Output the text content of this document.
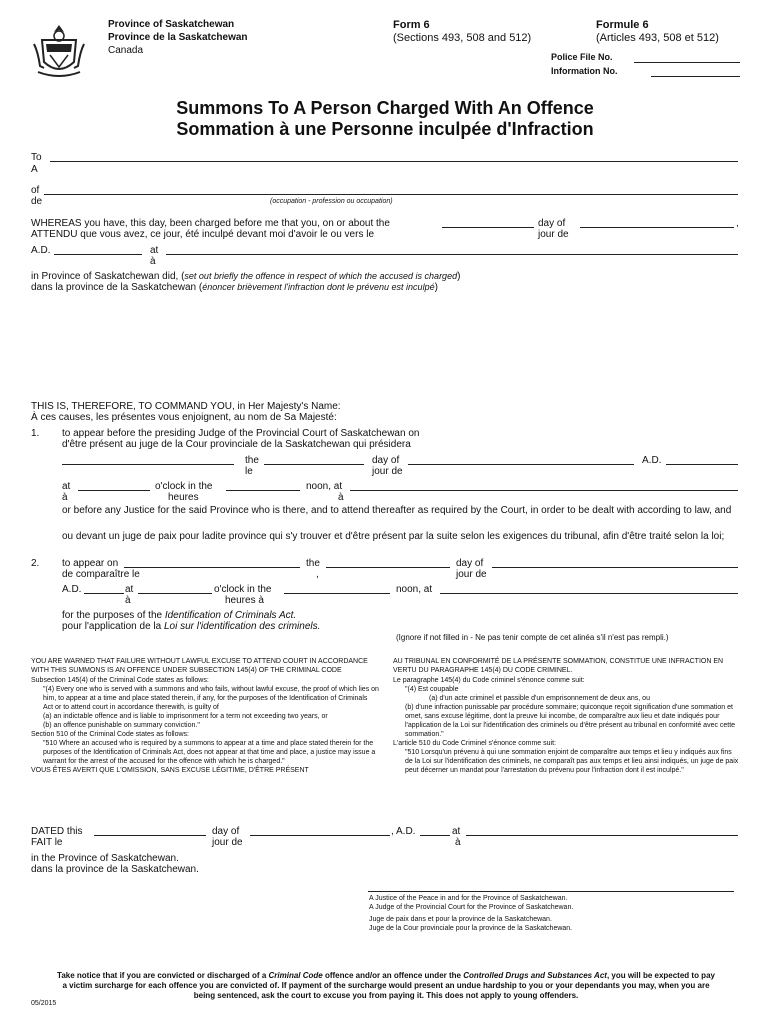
Province of Saskatchewan
Province de la Saskatchewan
Canada
Form 6
(Sections 493, 508 and 512)
Formule 6
(Articles 493, 508 et 512)
Police File No.
Information No.
Summons To A Person Charged With An Offence
Sommation à une Personne inculpée d'Infraction
To
A
of
de	(occupation - profession ou occupation)
WHEREAS you have, this day, been charged before me that you, on or about the
ATTENDU que vous avez, ce jour, été inculpé devant moi d'avoir le ou vers le
day of
jour de
,
A.D.	at
à
in Province of Saskatchewan did, (set out briefly the offence in respect of which the accused is charged)
dans la province de la Saskatchewan (énoncer brièvement l'infraction dont le prévenu est inculpé)
THIS IS, THEREFORE, TO COMMAND YOU, in Her Majesty's Name:
À ces causes, les présentes vous enjoignent, au nom de Sa Majesté:
1. to appear before the presiding Judge of the Provincial Court of Saskatchewan on
d'être présent au juge de la Cour provinciale de la Saskatchewan qui présidera
the
le
day of
jour de
A.D.
at
à
o'clock in the
heures
noon, at
à
or before any Justice for the said Province who is there, and to attend thereafter as required by the Court, in order to be dealt with according to law, and
ou devant un juge de paix pour ladite province qui s'y trouver et d'être présent par la suite selon les exigences du tribunal, afin d'être traité selon la loi;
2. to appear on
de comparaître le
the
,
day of
jour de
A.D.	at
à
o'clock in the
heures à
noon, at
for the purposes of the Identification of Criminals Act.
pour l'application de la Loi sur l'identification des criminels.
(Ignore if not filled in - Ne pas tenir compte de cet alinéa s'il n'est pas rempli.)
YOU ARE WARNED THAT FAILURE WITHOUT LAWFUL EXCUSE TO ATTEND COURT IN ACCORDANCE WITH THIS SUMMONS IS AN OFFENCE UNDER SUBSECTION 145(4) OF THE CRIMINAL CODE
Subsection 145(4) of the Criminal Code states as follows:
"(4) Every one who is served with a summons and who fails, without lawful excuse, the proof of which lies on him, to appear at a time and place stated therein, if any, for the purposes of the Identification of Criminals Act or to attend court in accordance therewith, is guilty of
(a) an indictable offence and is liable to imprisonment for a term not exceeding two years, or
(b) an offence punishable on summary conviction."
Section 510 of the Criminal Code states as follows:
"510 Where an accused who is required by a summons to appear at a time and place stated therein for the purposes of the Identification of Criminals Act, does not appear at that time and place, a justice may issue a warrant for the arrest of the accused for the offence with which he is charged."
VOUS ÊTES AVERTI QUE L'OMISSION, SANS EXCUSE LÉGITIME, D'ÊTRE PRÉSENT
AU TRIBUNAL EN CONFORMITÉ DE LA PRÉSENTE SOMMATION, CONSTITUE UNE INFRACTION EN VERTU DU PARAGRAPHE 145(4) DU CODE CRIMINEL.
Le paragraphe 145(4) du Code criminel s'énonce comme suit:
"(4) Est coupable
(a) d'un acte criminel et passible d'un emprisonnement de deux ans, ou
(b) d'une infraction punissable par procédure sommaire; quiconque reçoit signification d'une sommation et omet, sans excuse légitime, dont la preuve lui incombe, de comparaître aux lieu et date indiqués pour l'application de la Loi sur l'identification des criminels ou d'être présent au tribunal en conformité avec cette sommation."
L'article 510 du Code Criminel s'énonce comme suit:
"510 Lorsqu'un prévenu à qui une sommation enjoint de comparaître aux temps et lieu y indiqués aux fins de la Loi sur l'identification des criminels, ne comparaît pas aux temps et lieu ainsi indiqués, un juge de paix peut décerner un mandat pour l'arrestation du prévenu pour l'infraction dont il est inculpé."
DATED this
FAIT le
day of
jour de
, A.D.	at
à
in the Province of Saskatchewan.
dans la province de la Saskatchewan.
A Justice of the Peace in and for the Province of Saskatchewan.
A Judge of the Provincial Court for the Province of Saskatchewan.
Juge de paix dans et pour la province de la Saskatchewan.
Juge de la Cour provinciale pour la province de la Saskatchewan.
Take notice that if you are convicted or discharged of a Criminal Code offence and/or an offence under the Controlled Drugs and Substances Act, you will be expected to pay a victim surcharge for each offence you are convicted of. If payment of the surcharge would present an undue hardship to you or your dependants you may, when you are being sentenced, ask the court to excuse you from paying it. This does not apply to young offenders.
05/2015
